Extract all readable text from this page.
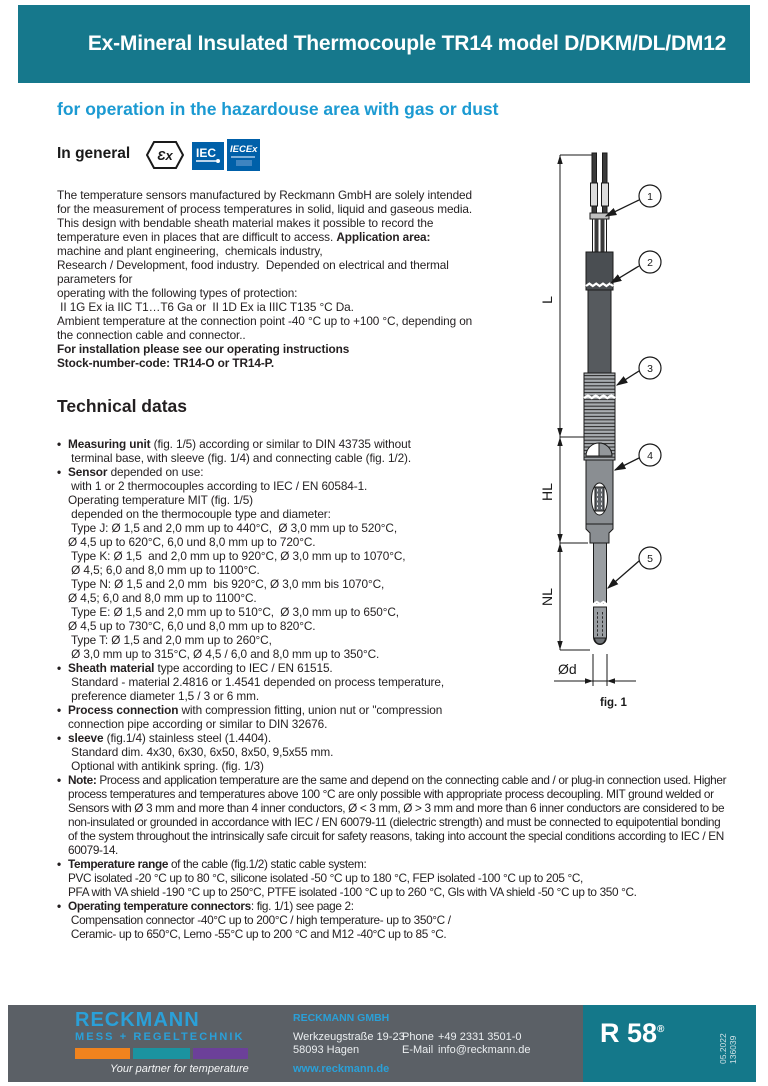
Ex-Mineral Insulated Thermocouple TR14 model D/DKM/DL/DM12
for operation in the hazardouse area with gas or dust
In general Ɛx IEC IECEx
The temperature sensors manufactured by Reckmann GmbH are solely intended
for the measurement of process temperatures in solid, liquid and gaseous media.
This design with bendable sheath material makes it possible to record the
temperature even in places that are difficult to access. Application area:
machine and plant engineering,  chemicals industry,
Research / Development, food industry.  Depended on electrical and thermal
parameters for
operating with the following types of protection:
II 1G Ex ia IIC T1…T6 Ga or  II 1D Ex ia IIIC T135 °C Da.
Ambient temperature at the connection point -40 °C up to +100 °C, depending on
the connection cable and connector..
For installation please see our operating instructions
Stock-number-code: TR14-O or TR14-P.
Technical datas
• Measuring unit (fig. 1/5) according or similar to DIN 43735 without
terminal base, with sleeve (fig. 1/4) and connecting cable (fig. 1/2).
• Sensor depended on use:
with 1 or 2 thermocouples according to IEC / EN 60584-1.
Operating temperature MIT (fig. 1/5)
depended on the thermocouple type and diameter:
Type J: Ø 1,5 and 2,0 mm up to 440°C,  Ø 3,0 mm up to 520°C,
Ø 4,5 up to 620°C, 6,0 und 8,0 mm up to 720°C.
Type K: Ø 1,5  and 2,0 mm up to 920°C, Ø 3,0 mm up to 1070°C,
Ø 4,5; 6,0 and 8,0 mm up to 1100°C.
Type N: Ø 1,5 and 2,0 mm  bis 920°C, Ø 3,0 mm bis 1070°C,
Ø 4,5; 6,0 and 8,0 mm up to 1100°C.
Type E: Ø 1,5 and 2,0 mm up to 510°C,  Ø 3,0 mm up to 650°C,
Ø 4,5 up to 730°C, 6,0 und 8,0 mm up to 820°C.
Type T: Ø 1,5 and 2,0 mm up to 260°C,
Ø 3,0 mm up to 315°C, Ø 4,5 / 6,0 and 8,0 mm up to 350°C.
• Sheath material type according to IEC / EN 61515.
Standard - material 2.4816 or 1.4541 depended on process temperature,
preference diameter 1,5 / 3 or 6 mm.
• Process connection with compression fitting, union nut or "compression
connection pipe according or similar to DIN 32676.
• sleeve (fig.1/4) stainless steel (1.4404).
Standard dim. 4x30, 6x30, 6x50, 8x50, 9,5x55 mm.
Optional with antikink spring. (fig. 1/3)
• Note: Process and application temperature are the same and depend on the connecting cable and / or plug-in connection used. Higher
process temperatures and temperatures above 100 °C are only possible with appropriate process decoupling. MIT ground welded or
Sensors with Ø 3 mm and more than 4 inner conductors, Ø < 3 mm, Ø > 3 mm and more than 6 inner conductors are considered to be
non-insulated or grounded in accordance with IEC / EN 60079-11 (dielectric strength) and must be connected to equipotential bonding
of the system throughout the intrinsically safe circuit for safety reasons, taking into account the special conditions according to IEC / EN
60079-14.
• Temperature range of the cable (fig.1/2) static cable system:
PVC isolated -20 °C up to 80 °C, silicone isolated -50 °C up to 180 °C, FEP isolated -100 °C up to 205 °C,
PFA with VA shield -190 °C up to 250°C, PTFE isolated -100 °C up to 260 °C, Gls with VA shield -50 °C up to 350 °C.
• Operating temperature connectors: fig. 1/1) see page 2:
Compensation connector -40°C up to 200°C / high temperature- up to 350°C /
Ceramic- up to 650°C, Lemo -55°C up to 200 °C and M12 -40°C up to 85 °C.
L
HL
NL
Ød
1
2
3
4
5
fig. 1
RECKMANN
MESS + REGELTECHNIK
Your partner for temperature
RECKMANN GMBH
Werkzeugstraße 19-23
58093 Hagen
Phone +49 2331 3501-0
E-Mail info@reckmann.de
www.reckmann.de
R 58®
05.2022 136039
